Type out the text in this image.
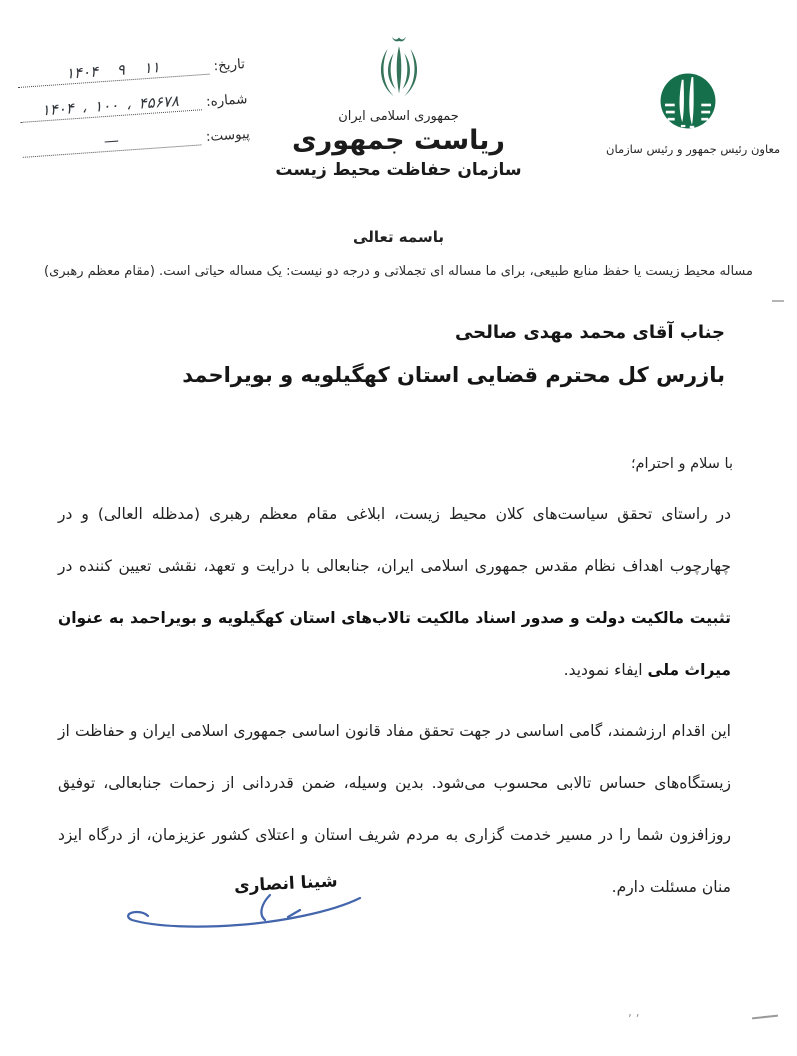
تاریخ:
۱۱ ۹ ۱۴۰۴
شماره:
۴۵۶۷۸ ، ۱۰۰ ، ۱۴۰۴
پیوست:
—
جمهوری اسلامی ایران
ریاست جمهوری
سازمان حفاظت محیط زیست
معاون رئیس جمهور و رئیس سازمان
باسمه تعالی
مساله محیط زیست یا حفظ منابع طبیعی، برای ما مساله ای تجملاتی و درجه دو نیست: یک مساله حیاتی است. (مقام معظم رهبری)
جناب آقای محمد مهدی صالحی
بازرس کل محترم قضایی استان کهگیلویه و بویراحمد
با سلام و احترام؛

در راستای تحقق سیاست‌های کلان محیط زیست، ابلاغی مقام معظم رهبری (مدظله العالی) و در چهارچوب اهداف نظام مقدس جمهوری اسلامی ایران، جنابعالی با درایت و تعهد، نقشی تعیین کننده در تثبیت مالکیت دولت و صدور اسناد مالکیت تالاب‌های استان کهگیلویه و بویراحمد به عنوان میراث ملی ایفاء نمودید.

این اقدام ارزشمند، گامی اساسی در جهت تحقق مفاد قانون اساسی جمهوری اسلامی ایران و حفاظت از زیستگاه‌های حساس تالابی محسوب می‌شود. بدین وسیله، ضمن قدردانی از زحمات جنابعالی، توفیق روزافزون شما را در مسیر خدمت گزاری به مردم شریف استان و اعتلای کشور عزیزمان، از درگاه ایزد منان مسئلت دارم.

شینا انصاری
٬ ٬
